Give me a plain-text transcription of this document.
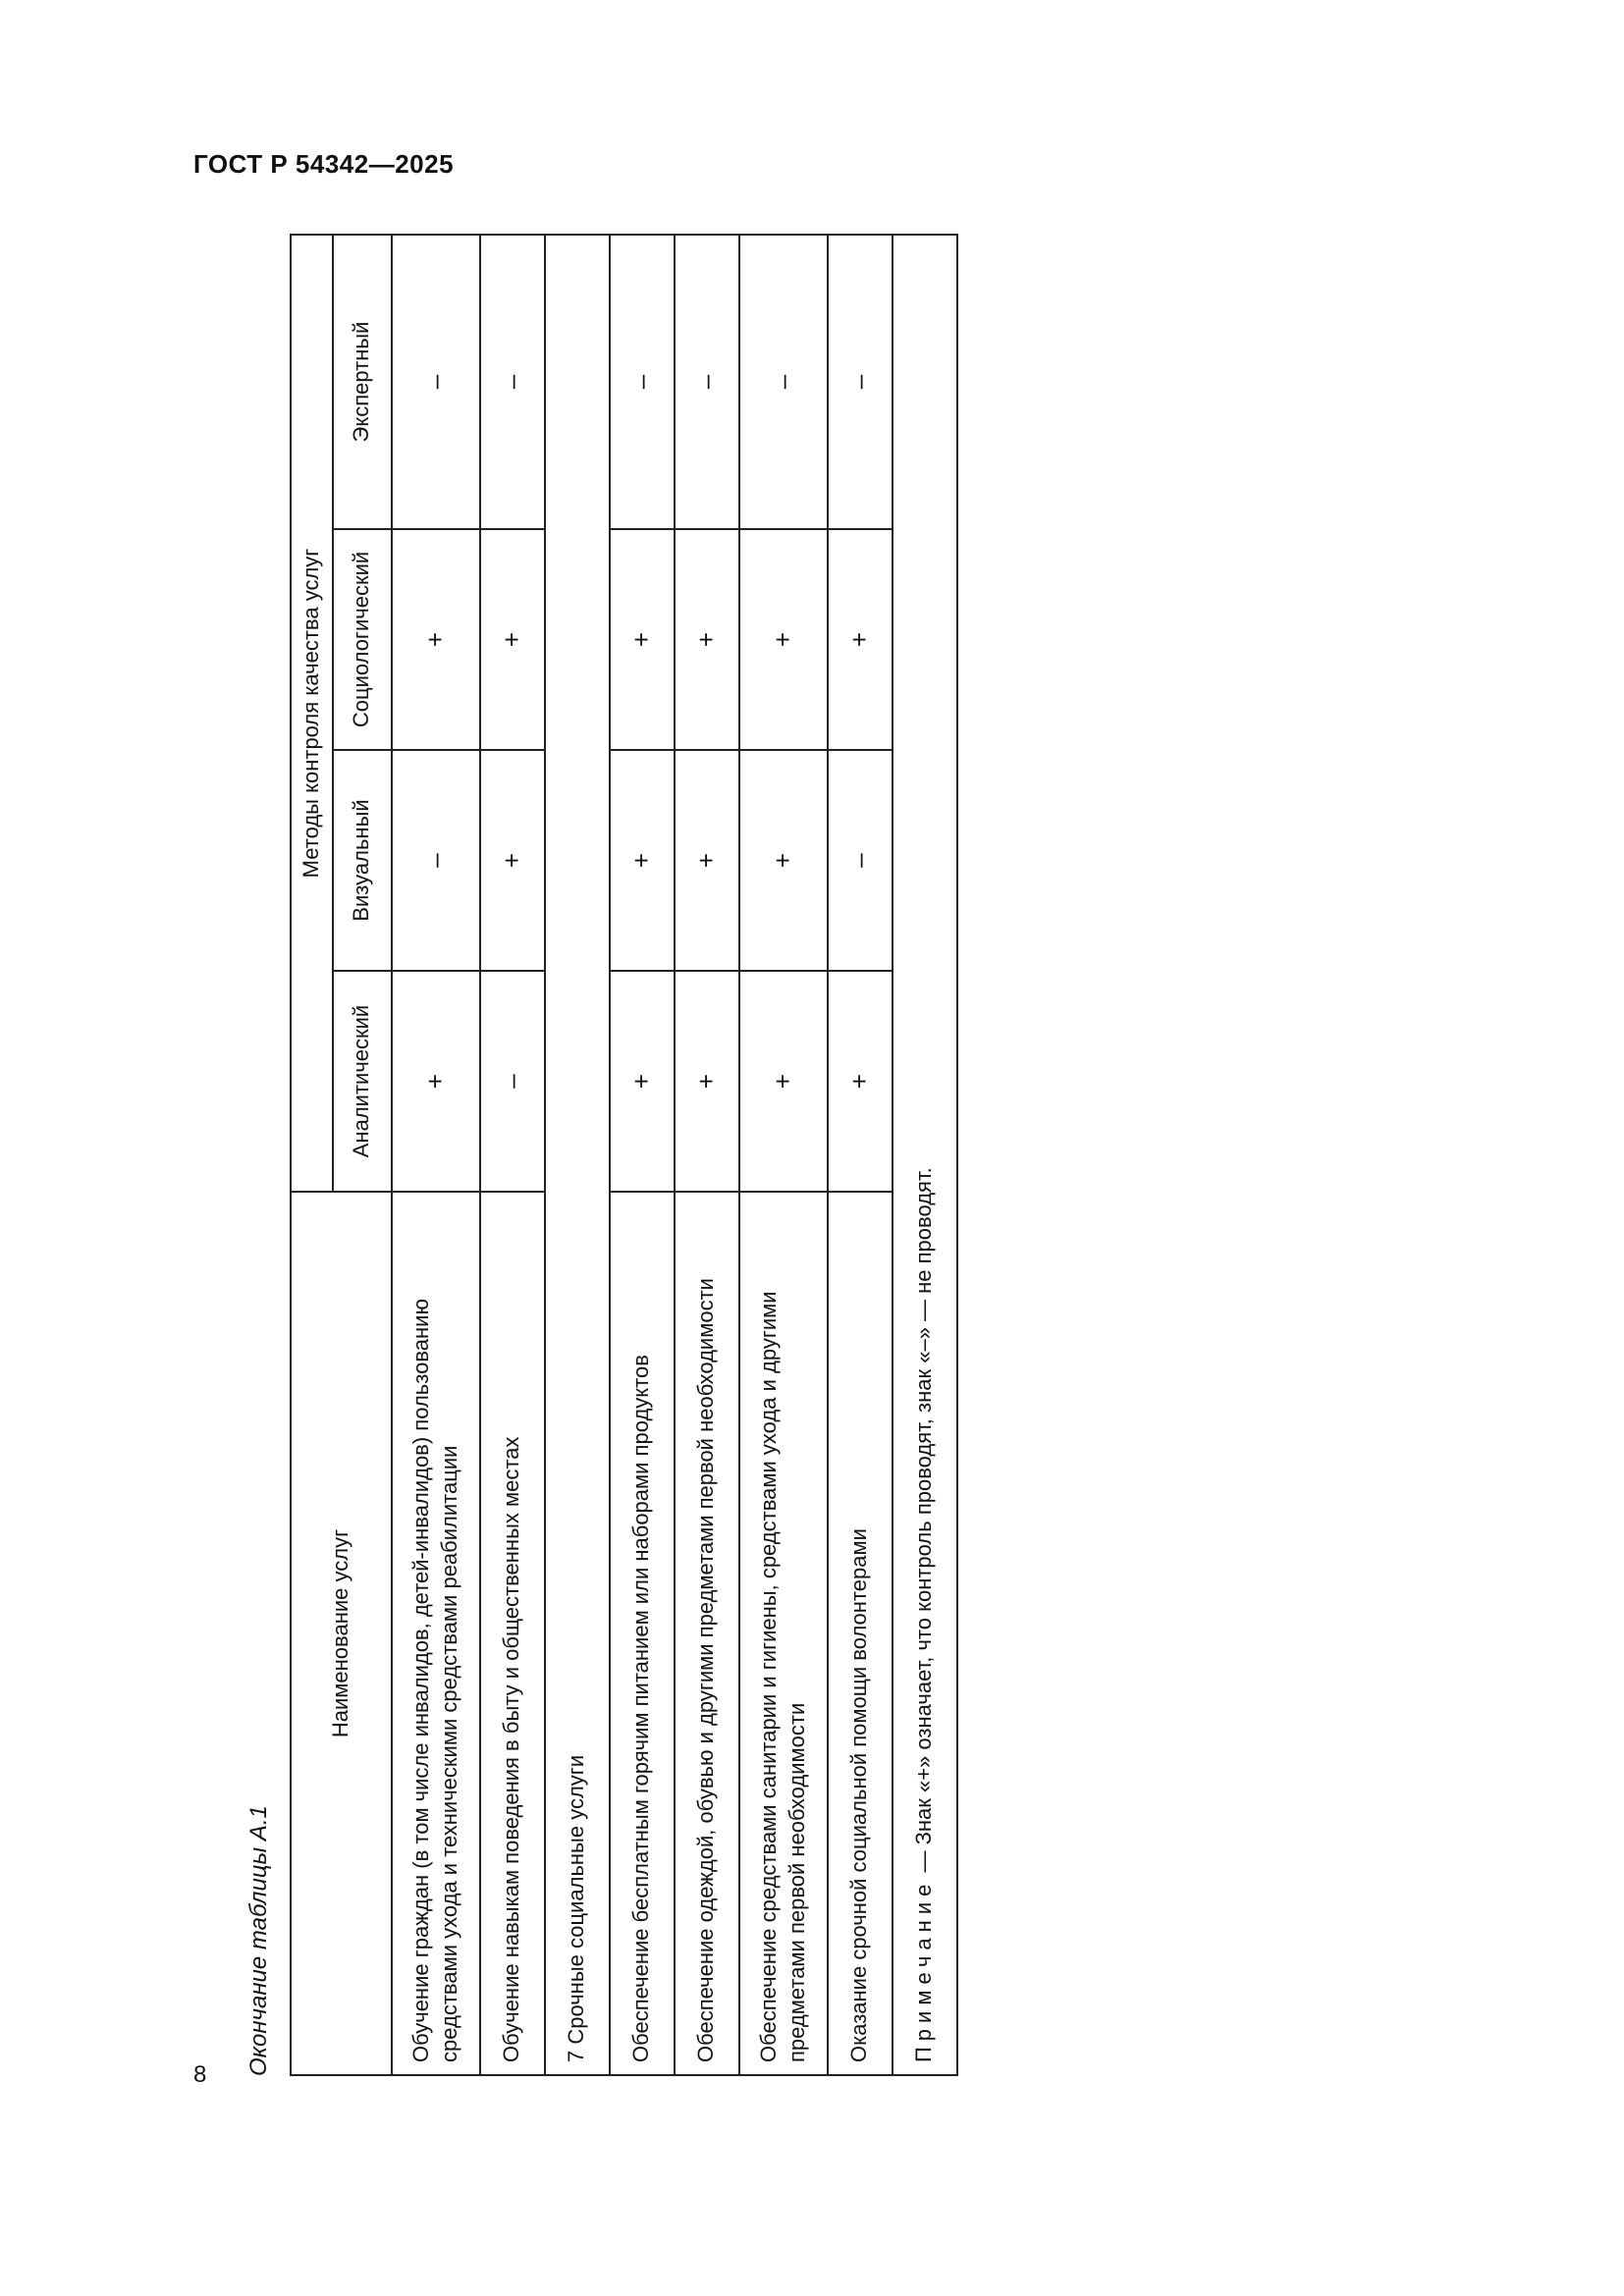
ГОСТ Р 54342—2025
8 Окончание таблицы А.1
Наименование услуг	Методы контроля качества услуг			
	Аналитический	Визуальный	Социологический	Экспертный
Обучение граждан (в том числе инвалидов, детей-инвалидов) пользованию средствами ухода и техническими средствами реабилитации	+	–	+	–
Обучение навыкам поведения в быту и общественных местах	–	+	+	–
7 Срочные социальные услуги				
Обеспечение бесплатным горячим питанием или наборами продуктов	+	+	+	–
Обеспечение одеждой, обувью и другими предметами первой необходимости	+	+	+	–
Обеспечение средствами санитарии и гигиены, средствами ухода и другими предметами первой необходимости	+	+	+	–
Оказание срочной социальной помощи волонтерами	+	–	+	–
Примечание — Знак «+» означает, что контроль проводят, знак «–» — не проводят.				
